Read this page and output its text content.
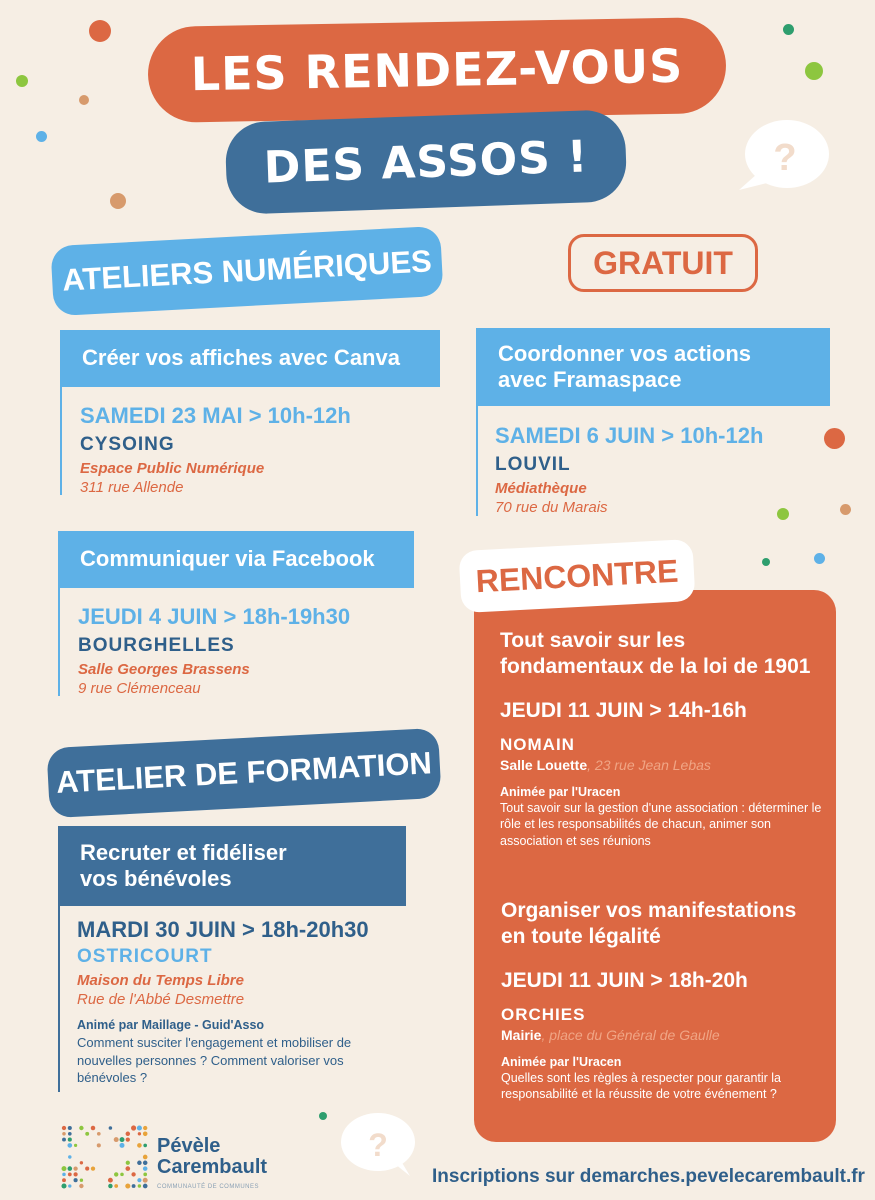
?
?
LES RENDEZ-VOUS
DES ASSOS !
ATELIERS NUMÉRIQUES	GRATUIT
Créer vos affiches avec Canva
SAMEDI 23 MAI > 10h-12h
CYSOING
Espace Public Numérique
311 rue Allende
Coordonner vos actions avec Framaspace
SAMEDI 6 JUIN > 10h-12h
LOUVIL
Médiathèque
70 rue du Marais
Communiquer via Facebook
JEUDI 4 JUIN > 18h-19h30
BOURGHELLES
Salle Georges Brassens
9 rue Clémenceau
ATELIER DE FORMATION
Recruter et fidéliser
vos bénévoles
MARDI 30 JUIN > 18h-20h30
OSTRICOURT
Maison du Temps Libre
Rue de l'Abbé Desmettre
Animé par Maillage - Guid'Asso
Comment susciter l'engagement et mobiliser de nouvelles personnes ? Comment valoriser vos bénévoles ?
RENCONTRE
Tout savoir sur les
fondamentaux de la loi de 1901
JEUDI 11 JUIN > 14h-16h
NOMAIN
Salle Louette, 23 rue Jean Lebas
Animée par l'Uracen
Tout savoir sur la gestion d'une association : déterminer le rôle et les responsabilités de chacun, animer son association et ses réunions
Organiser vos manifestations
en toute légalité
JEUDI 11 JUIN > 18h-20h
ORCHIES
Mairie, place du Général de Gaulle
Animée par l'Uracen
Quelles sont les règles à respecter pour garantir la responsabilité et la réussite de votre événement ?
Pévèle
Carembault
COMMUNAUTÉ DE COMMUNES	Inscriptions sur demarches.pevelecarembault.fr
